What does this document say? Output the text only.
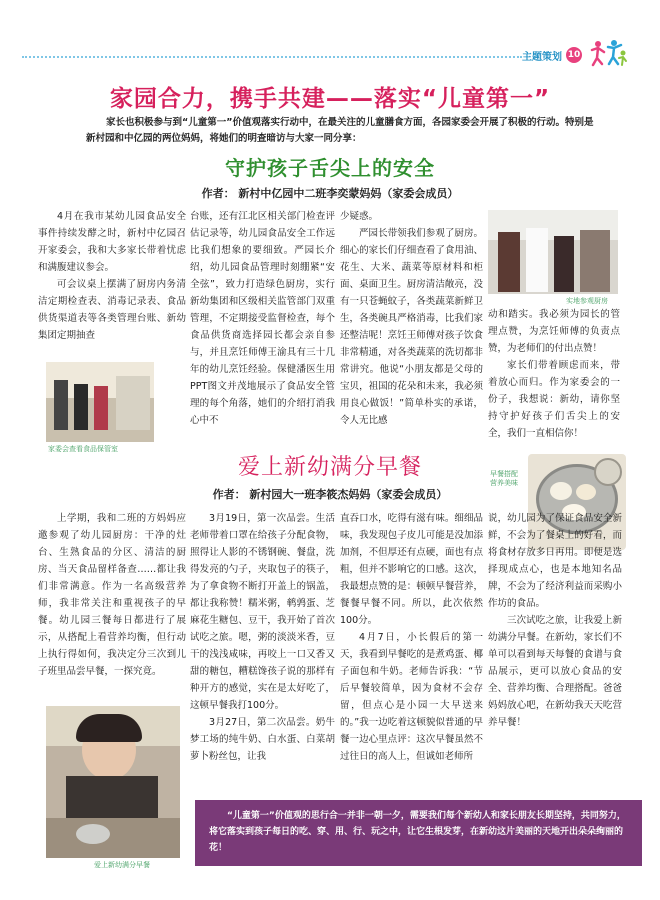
主题策划 10
家园合力，携手共建——落实“儿童第一”
家长也积极参与到“儿童第一”价值观落实行动中，在最关注的儿童膳食方面，各园家委会开展了积极的行动。特别是新村园和中亿园的两位妈妈，将她们的明查暗访与大家一同分享：
守护孩子舌尖上的安全
作者： 新村中亿园中二班李奕蒙妈妈（家委会成员）

4月在我市某幼儿园食品安全事件持续发酵之时，新村中亿园召开家委会，我和大多家长带着忧虑和满腹建议参会。

可会议桌上摆满了厨房内务清洁定期检查表、消毒记录表、食品供货渠道表等各类管理台账、新幼集团定期抽查

家委会查看食品保管室

台账，还有江北区相关部门检查评估记录等，幼儿园食品安全工作远比我们想象的要细致。严园长介绍，幼儿园食品管理时刻绷紧“安全弦”，致力打造绿色厨房，实行新幼集团和区级相关监管部门双重管理，不定期接受监督检查，每个食品供货商选择园长都会亲自参与，并且烹饪师傅王渝具有三十几年的幼儿烹饪经验。保健潘医生用PPT图文并茂地展示了食品安全管理的每个角落，她们的介绍打消我心中不

少疑惑。

严园长带领我们参观了厨房。细心的家长们仔细查看了食用油、花生、大米、蔬菜等原材料和柜面、桌面卫生。厨房清洁敞亮，没有一只苍蝇蚊子，各类蔬菜新鲜卫生，各类碗具严格消毒，比我们家还整洁呢！烹饪王师傅对孩子饮食非常精通，对各类蔬菜的洗切都非常讲究。他说“小朋友都是父母的宝贝，祖国的花朵和未来，我必须用良心做饭！”简单朴实的承诺，令人无比感

实地参观厨房

动和踏实。我必须为园长的管理点赞，为烹饪师傅的负责点赞，为老师们的付出点赞！

家长们带着顾虑而来，带着放心而归。作为家委会的一份子，我想说：新幼，请你坚持守护好孩子们舌尖上的安全，我们一直相信你！

爱上新幼满分早餐
作者： 新村园大一班李筱杰妈妈（家委会成员）
早餐搭配
营养美味

上学期，我和二班的方妈妈应邀参观了幼儿园厨房：干净的灶台、生熟食品的分区、清洁的厨房、当天食品留样备查……都让我们非常满意。作为一名高级营养师，我非常关注和重视孩子的早餐。幼儿园三餐每日都进行了展示，从搭配上看营养均衡，但行动上执行得如何，我决定分三次到儿子班里品尝早餐，一探究竟。

爱上新幼满分早餐

3月19日，第一次品尝。生活老师带着口罩在给孩子分配食物，照得让人影的不锈钢碗、餐盘，洗得发亮的勺子，夹取包子的筷子，为了拿食物不断打开盖上的锅盖，都让我称赞！糯米粥，鹌鹑蛋、芝麻花生糖包、豆干，我开始了首次试吃之旅。嗯，粥的淡淡米香，豆干的浅浅咸味，再咬上一口又香又甜的糖包，糟糕馋孩子说的那样有种开方的感觉，实在是太好吃了，这顿早餐我打100分。

3月27日，第二次品尝。奶牛梦工场的纯牛奶、白水蛋、白菜胡萝卜粉丝包，让我

直吞口水，吃得有滋有味。细细品味，我发现包子皮儿可能是没加添加剂，不但厚还有点硬，面也有点粗，但并不影响它的口感。这次，我最想点赞的是：顿顿早餐营养，餐餐早餐不同。所以，此次依然100分。

4月7日，小长假后的第一天，我看到早餐吃的是煮鸡蛋、椰子面包和牛奶。老师告诉我：“节后早餐较简单，因为食材不会存留，但点心是小园一大早送来的。”我一边吃着这顿貌似普通的早餐一边心里点评：这次早餐虽然不过往日的高人上，但诚如老师所

说，幼儿园为了保证食品安全新鲜，不会为了餐桌上的好看，而将食材存放多日再用。即便是选择现成点心，也是本地知名品牌，不会为了经济利益而采购小作坊的食品。

三次试吃之旅，让我爱上新幼满分早餐。在新幼，家长们不单可以看到每天每餐的食谱与食品展示，更可以放心食品的安全、营养均衡、合理搭配。爸爸妈妈放心吧，在新幼我天天吃营养早餐！

“儿童第一”价值观的思行合一并非一朝一夕，需要我们每个新幼人和家长朋友长期坚持，共同努力，将它落实到孩子每日的吃、穿、用、行、玩之中，让它生根发芽，在新幼这片美丽的天地开出朵朵绚丽的花！
